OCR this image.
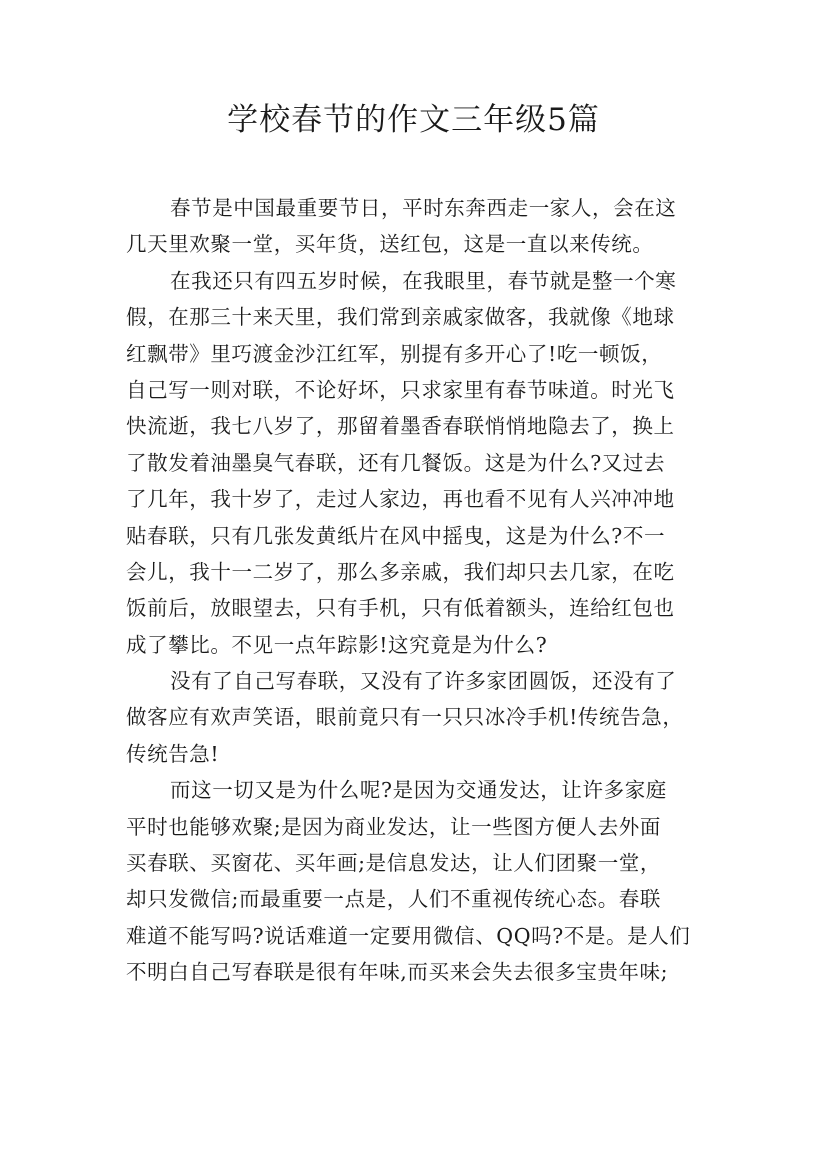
学校春节的作文三年级5篇

春节是中国最重要节日，平时东奔西走一家人，会在这
几天里欢聚一堂，买年货，送红包，这是一直以来传统。

在我还只有四五岁时候，在我眼里，春节就是整一个寒
假，在那三十来天里，我们常到亲戚家做客，我就像《地球
红飘带》里巧渡金沙江红军，别提有多开心了!吃一顿饭，
自己写一则对联，不论好坏，只求家里有春节味道。时光飞
快流逝，我七八岁了，那留着墨香春联悄悄地隐去了，换上
了散发着油墨臭气春联，还有几餐饭。这是为什么?又过去
了几年，我十岁了，走过人家边，再也看不见有人兴冲冲地
贴春联，只有几张发黄纸片在风中摇曳，这是为什么?不一
会儿，我十一二岁了，那么多亲戚，我们却只去几家，在吃
饭前后，放眼望去，只有手机，只有低着额头，连给红包也
成了攀比。不见一点年踪影!这究竟是为什么?

没有了自己写春联，又没有了许多家团圆饭，还没有了
做客应有欢声笑语，眼前竟只有一只只冰冷手机!传统告急，
传统告急!

而这一切又是为什么呢?是因为交通发达，让许多家庭
平时也能够欢聚;是因为商业发达，让一些图方便人去外面
买春联、买窗花、买年画;是信息发达，让人们团聚一堂，
却只发微信;而最重要一点是，人们不重视传统心态。春联
难道不能写吗?说话难道一定要用微信、QQ吗?不是。是人们
不明白自己写春联是很有年味,而买来会失去很多宝贵年味;
